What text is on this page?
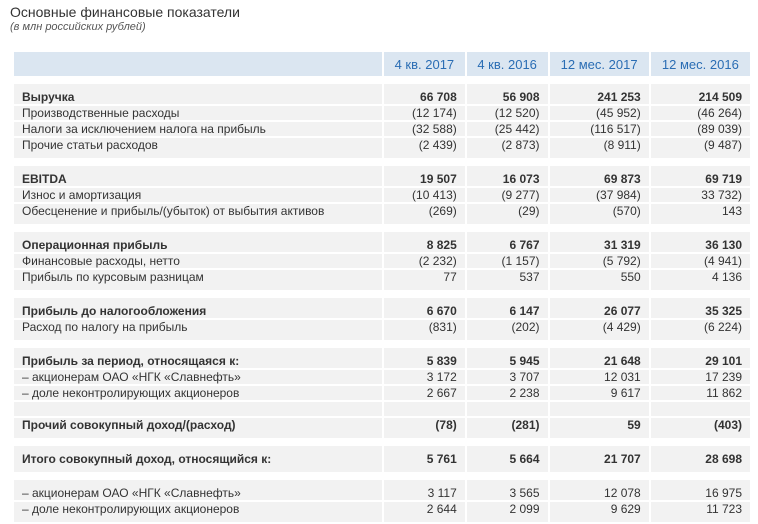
Основные финансовые показатели
(в млн российских рублей)
	4 кв. 2017	4 кв. 2016	12 мес. 2017	12 мес. 2016

Выручка	66 708	56 908	241 253	214 509
Производственные расходы	(12 174)	(12 520)	(45 952)	(46 264)
Налоги за исключением налога на прибыль	(32 588)	(25 442)	(116 517)	(89 039)
Прочие статьи расходов	(2 439)	(2 873)	(8 911)	(9 487)

EBITDA	19 507	16 073	69 873	69 719
Износ и амортизация	(10 413)	(9 277)	(37 984)	33 732)
Обесценение и прибыль/(убыток) от выбытия активов	(269)	(29)	(570)	143

Операционная прибыль	8 825	6 767	31 319	36 130
Финансовые расходы, нетто	(2 232)	(1 157)	(5 792)	(4 941)
Прибыль по курсовым разницам	77	537	550	4 136

Прибыль до налогообложения	6 670	6 147	26 077	35 325
Расход по налогу на прибыль	(831)	(202)	(4 429)	(6 224)

Прибыль за период, относящаяся к:	5 839	5 945	21 648	29 101
– акционерам ОАО «НГК «Славнефть»	3 172	3 707	12 031	17 239
– доле неконтролирующих акционеров	2 667	2 238	9 617	11 862

Прочий совокупный доход/(расход)	(78)	(281)	59	(403)

Итого совокупный доход, относящийся к:	5 761	5 664	21 707	28 698

– акционерам ОАО «НГК «Славнефть»	3 117	3 565	12 078	16 975
– доле неконтролирующих акционеров	2 644	2 099	9 629	11 723
